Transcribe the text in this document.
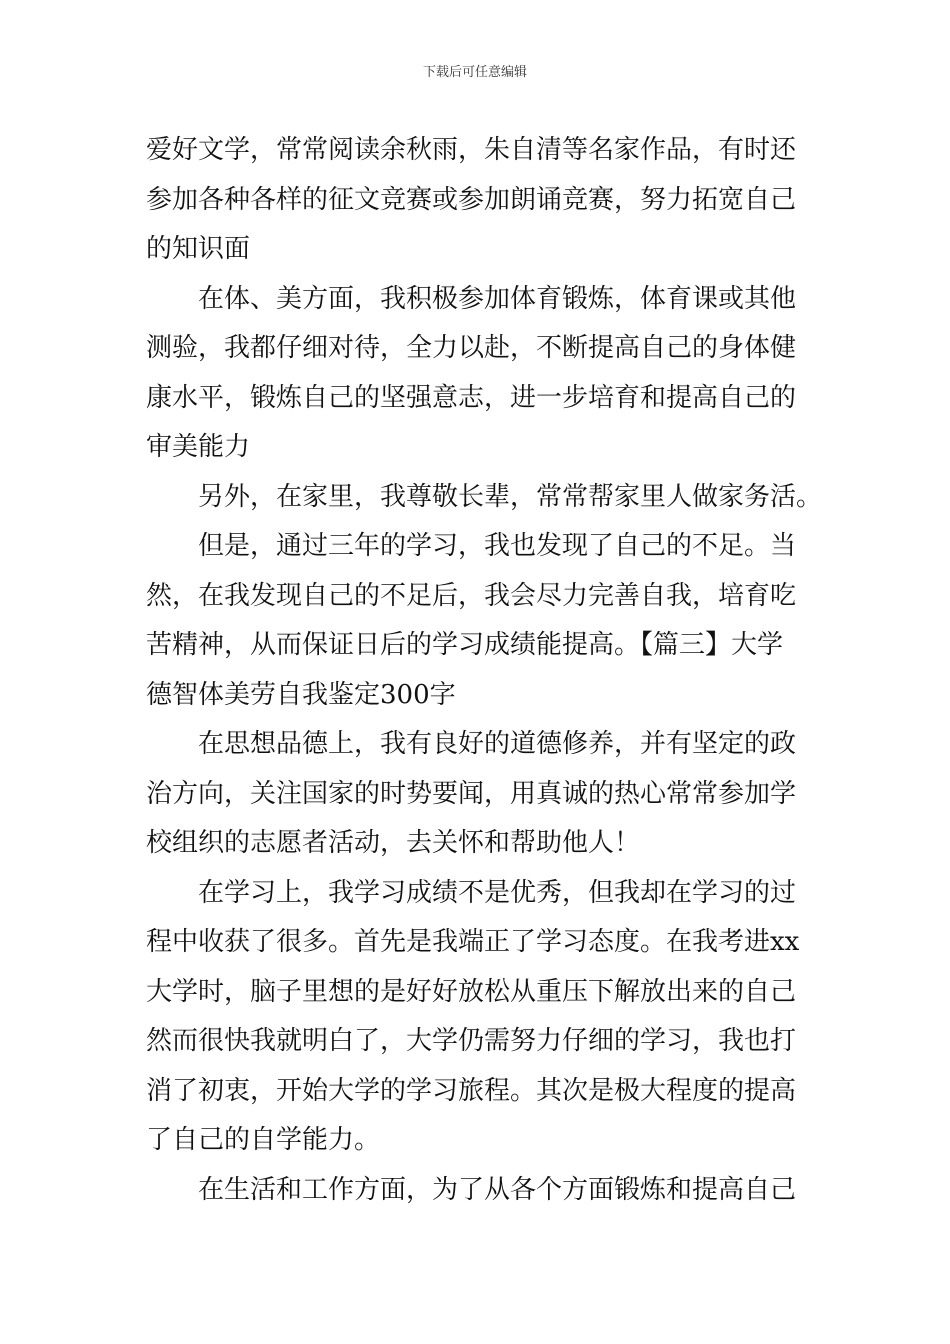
下载后可任意编辑
爱好文学，常常阅读余秋雨，朱自清等名家作品，有时还
参加各种各样的征文竞赛或参加朗诵竞赛，努力拓宽自己
的知识面
在体、美方面，我积极参加体育锻炼，体育课或其他
测验，我都仔细对待，全力以赴，不断提高自己的身体健
康水平，锻炼自己的坚强意志，进一步培育和提高自己的
审美能力
另外，在家里，我尊敬长辈，常常帮家里人做家务活。
但是，通过三年的学习，我也发现了自己的不足。当
然，在我发现自己的不足后，我会尽力完善自我，培育吃
苦精神，从而保证日后的学习成绩能提高。【篇三】大学
德智体美劳自我鉴定300字
在思想品德上，我有良好的道德修养，并有坚定的政
治方向，关注国家的时势要闻，用真诚的热心常常参加学
校组织的志愿者活动，去关怀和帮助他人！
在学习上，我学习成绩不是优秀，但我却在学习的过
程中收获了很多。首先是我端正了学习态度。在我考进xx
大学时，脑子里想的是好好放松从重压下解放出来的自己
然而很快我就明白了，大学仍需努力仔细的学习，我也打
消了初衷，开始大学的学习旅程。其次是极大程度的提高
了自己的自学能力。
在生活和工作方面，为了从各个方面锻炼和提高自己
